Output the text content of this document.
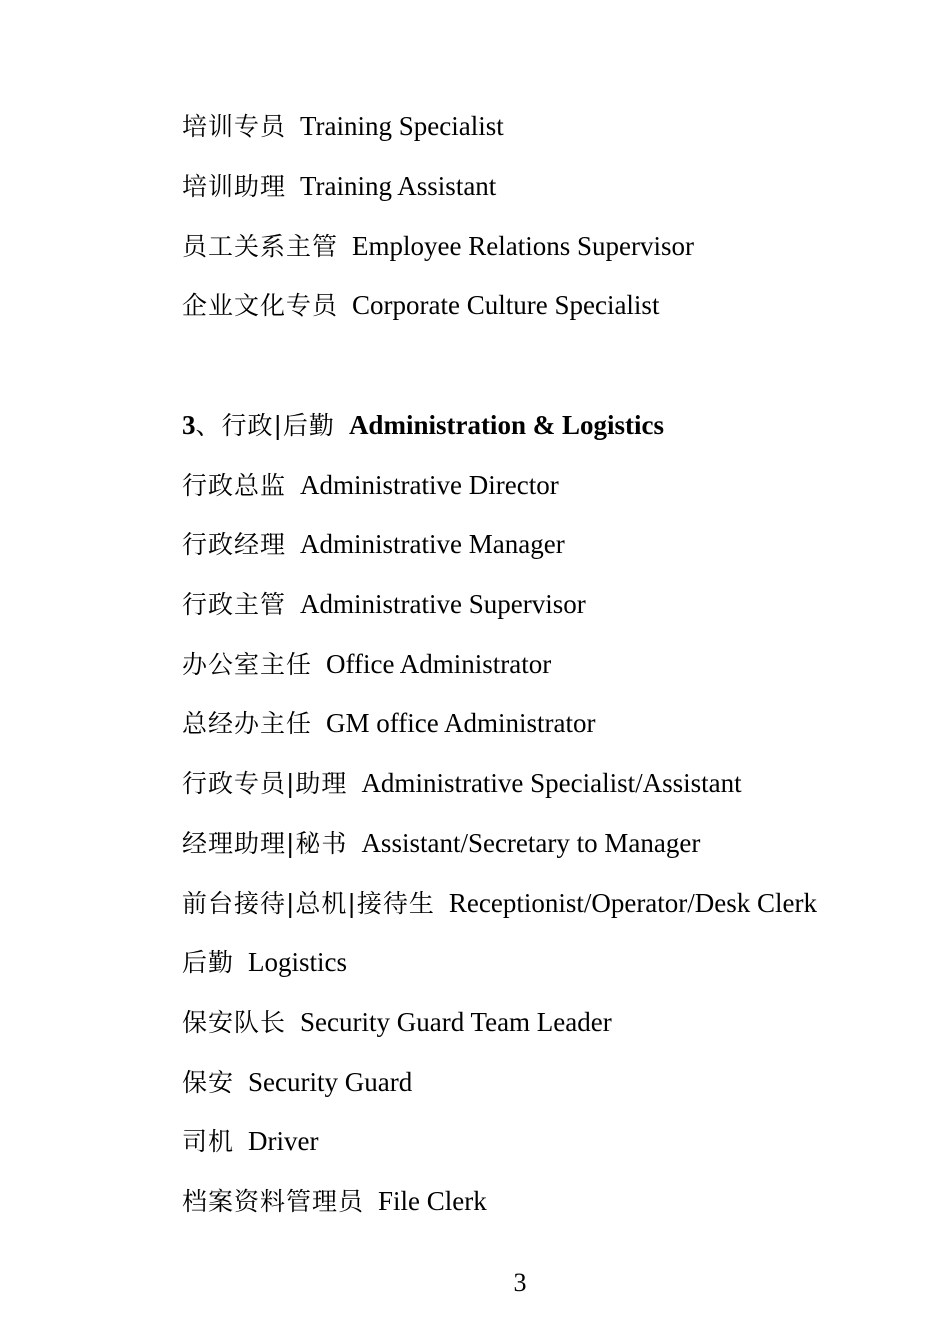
培训专员 Training Specialist
培训助理 Training Assistant
员工关系主管 Employee Relations Supervisor
企业文化专员 Corporate Culture Specialist
3、行政|后勤 Administration & Logistics
行政总监 Administrative Director
行政经理 Administrative Manager
行政主管 Administrative Supervisor
办公室主任 Office Administrator
总经办主任 GM office Administrator
行政专员|助理 Administrative Specialist/Assistant
经理助理|秘书 Assistant/Secretary to Manager
前台接待|总机|接待生 Receptionist/Operator/Desk Clerk
后勤 Logistics
保安队长 Security Guard Team Leader
保安 Security Guard
司机 Driver
档案资料管理员 File Clerk
3
